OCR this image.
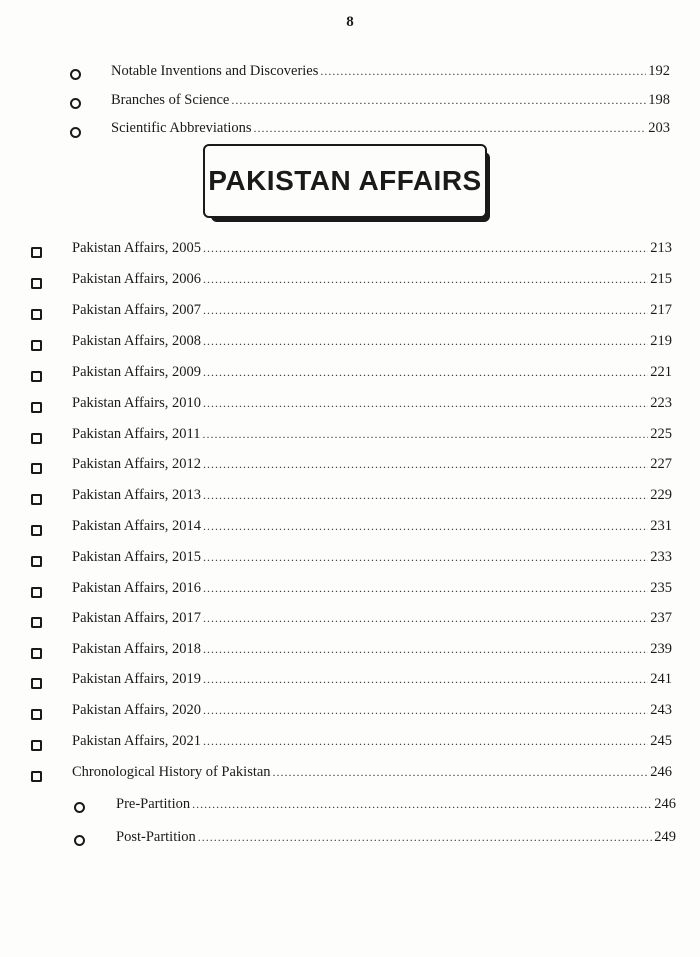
8
Notable Inventions and Discoveries .....	192
Branches of Science .....	198
Scientific Abbreviations .....	203
PAKISTAN AFFAIRS
Pakistan Affairs, 2005 .....	213
Pakistan Affairs, 2006 .....	215
Pakistan Affairs, 2007 .....	217
Pakistan Affairs, 2008 .....	219
Pakistan Affairs, 2009 .....	221
Pakistan Affairs, 2010 .....	223
Pakistan Affairs, 2011 .....	225
Pakistan Affairs, 2012 .....	227
Pakistan Affairs, 2013 .....	229
Pakistan Affairs, 2014 .....	231
Pakistan Affairs, 2015 .....	233
Pakistan Affairs, 2016 .....	235
Pakistan Affairs, 2017 .....	237
Pakistan Affairs, 2018 .....	239
Pakistan Affairs, 2019 .....	241
Pakistan Affairs, 2020 .....	243
Pakistan Affairs, 2021 .....	245
Chronological History of Pakistan .....	246
Pre-Partition .....	246
Post-Partition .....	249
